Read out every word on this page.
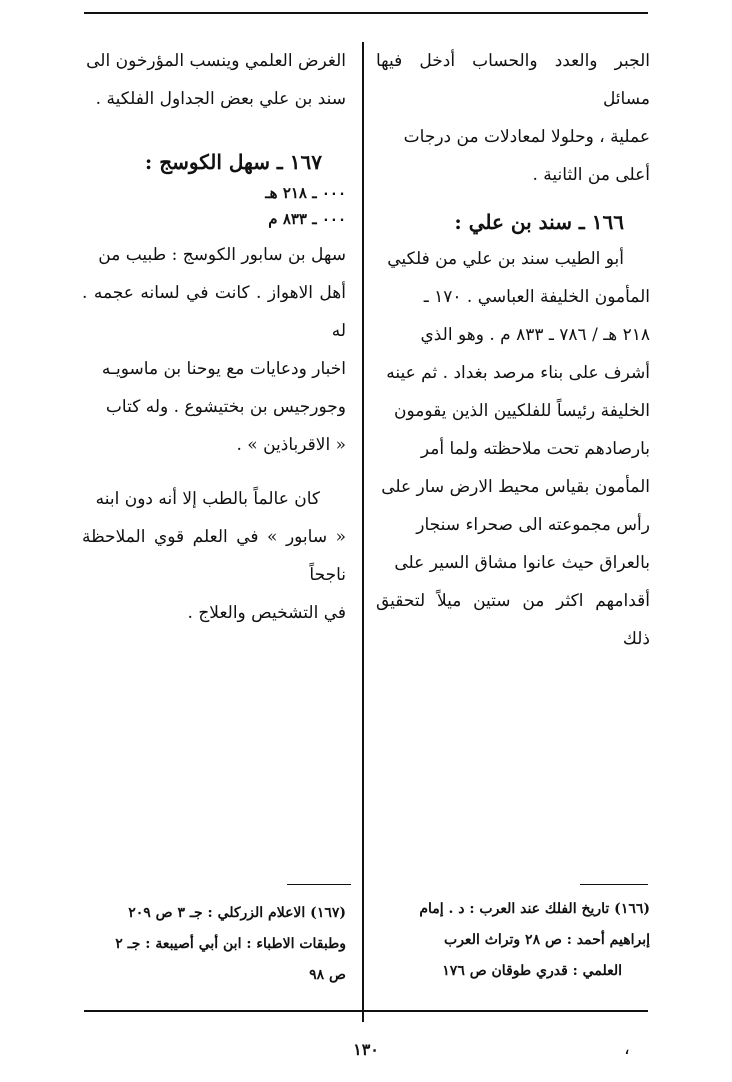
الجبر والعدد والحساب أدخل فيها مسائل

عملية ، وحلولا لمعادلات من درجات

أعلى من الثانية .

١٦٦ ـ سند بن علي :

أبو الطيب سند بن علي من فلكيي

المأمون الخليفة العباسي . ١٧٠ ـ

٢١٨ هـ / ٧٨٦ ـ ٨٣٣ م . وهو الذي

أشرف على بناء مرصد بغداد . ثم عينه

الخليفة رئيساً للفلكيين الذين يقومون

بارصادهم تحت ملاحظته ولما أمر

المأمون بقياس محيط الارض سار على

رأس مجموعته الى صحراء سنجار

بالعراق حيث عانوا مشاق السير على

أقدامهم اكثر من ستين ميلاً لتحقيق ذلك

الغرض العلمي وينسب المؤرخون الى

سند بن علي بعض الجداول الفلكية .

١٦٧ ـ سهل الكوسج :

٠٠٠ ـ ٢١٨ هـ

٠٠٠ ـ ٨٣٣ م

سهل بن سابور الكوسج : طبيب من

أهل الاهواز . كانت في لسانه عجمه . له

اخبار ودعايات مع يوحنا بن ماسويـه

وجورجيس بن بختيشوع . وله كتاب

« الاقرباذين » .

كان عالماً بالطب إلا أنه دون ابنه

« سابور » في العلم قوي الملاحظة ناجحاً

في التشخيص والعلاج .

(١٦٦) تاريخ الفلك عند العرب : د . إمام

إبراهيم أحمد : ص ٢٨ وتراث العرب

العلمي : قدري طوقان ص ١٧٦

(١٦٧) الاعلام الزركلي : جـ ٣ ص ٢٠٩

وطبقات الاطباء : ابن أبي أصيبعة : جـ ٢

ص ٩٨

١٣٠	،
